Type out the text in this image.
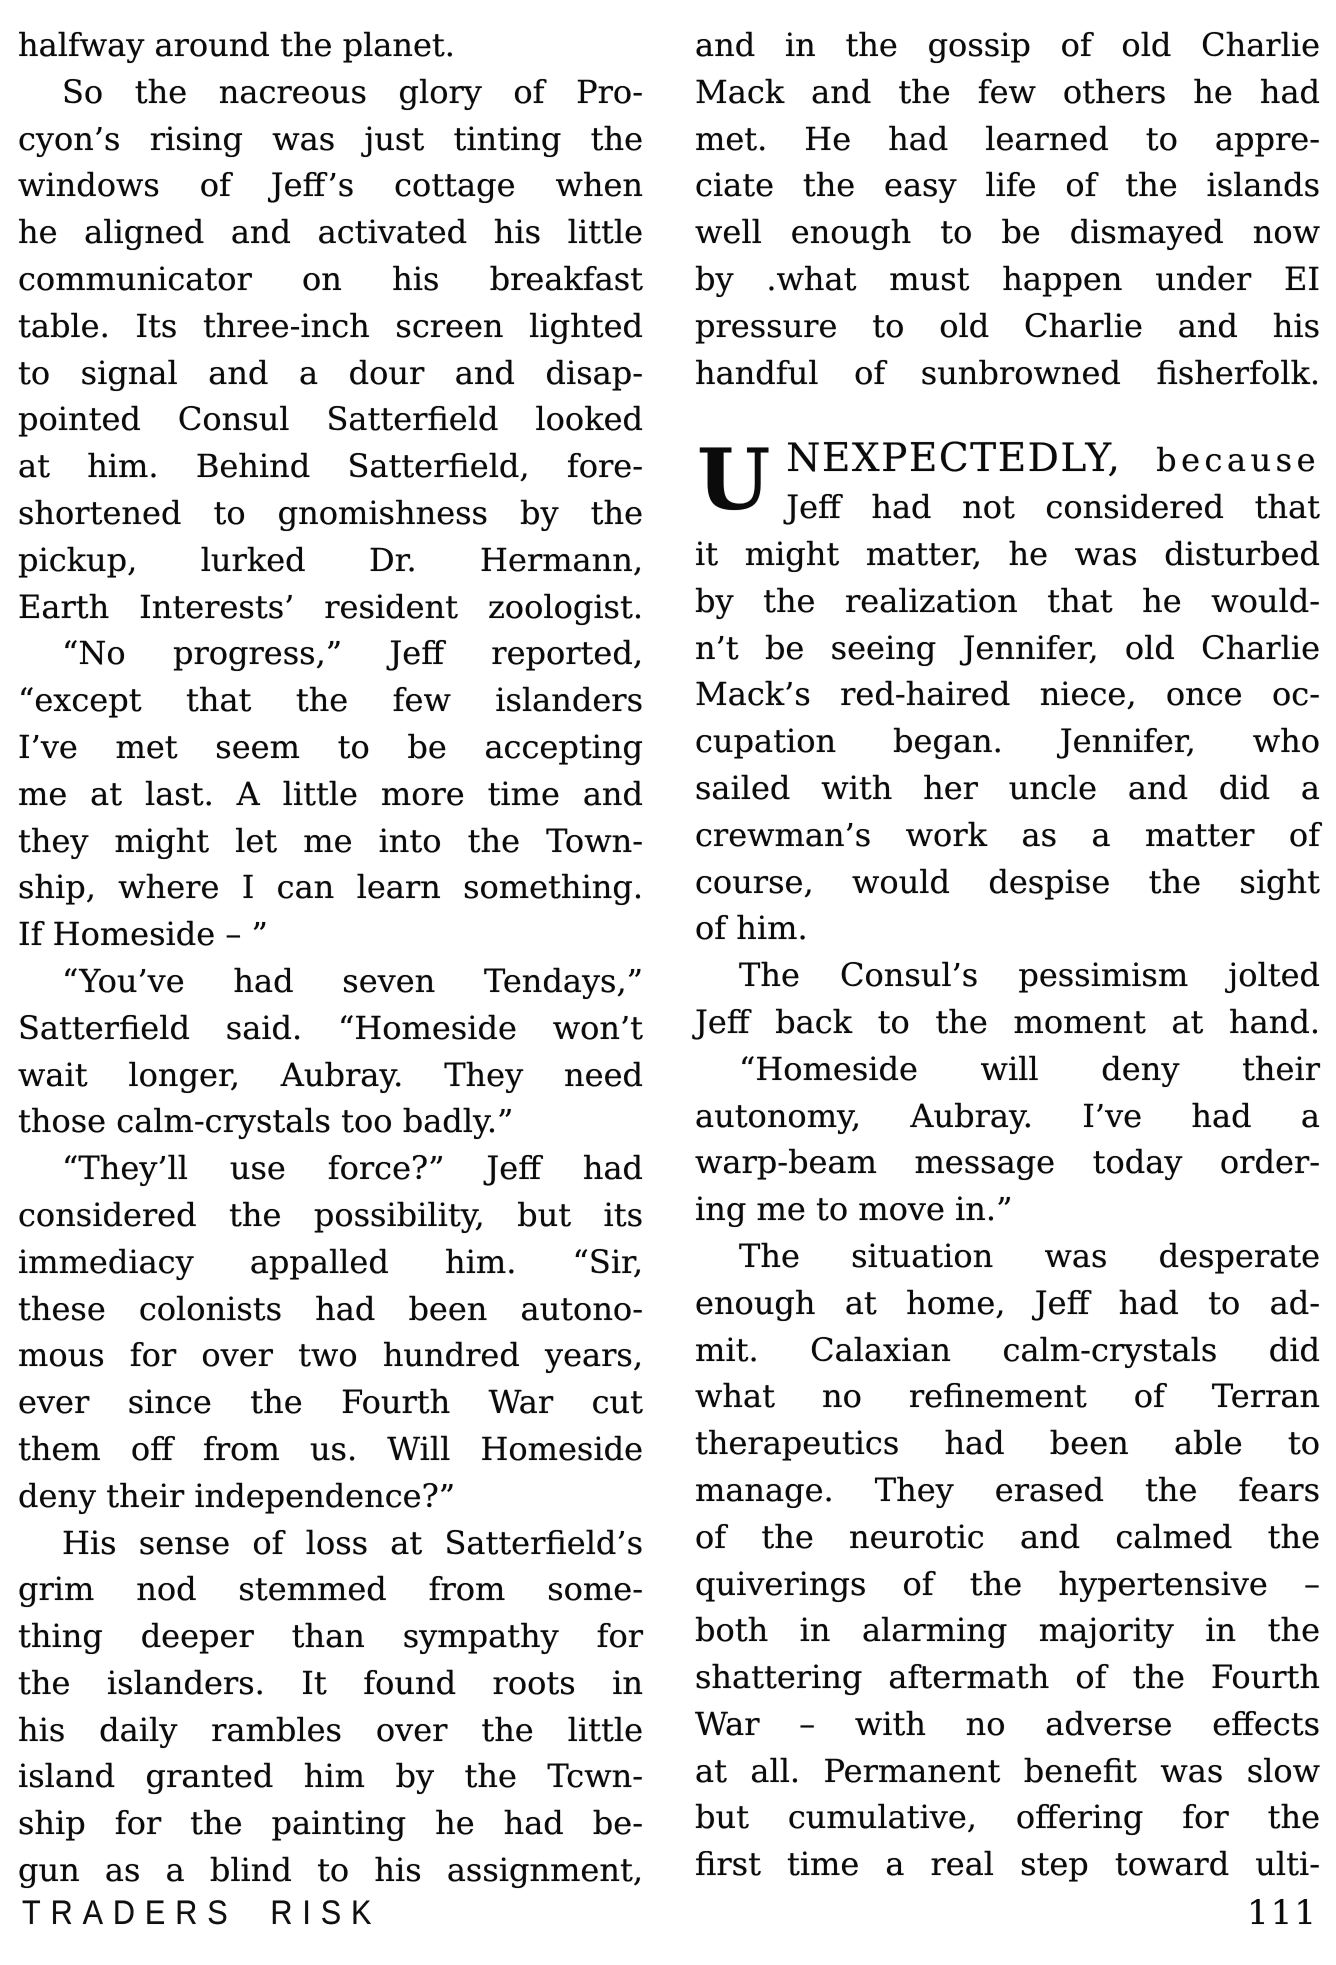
halfway around the planet.
So the nacreous glory of Pro-
cyon’s rising was just tinting the
windows of Jeff’s cottage when
he aligned and activated his little
communicator on his breakfast
table. Its three-inch screen lighted
to signal and a dour and disap-
pointed Consul Satterfield looked
at him. Behind Satterfield, fore-
shortened to gnomishness by the
pickup, lurked Dr. Hermann,
Earth Interests’ resident zoologist.
“No progress,” Jeff reported,
“except that the few islanders
I’ve met seem to be accepting
me at last. A little more time and
they might let me into the Town-
ship, where I can learn something.
If Homeside – ”
“You’ve had seven Tendays,”
Satterfield said. “Homeside won’t
wait longer, Aubray. They need
those calm-crystals too badly.”
“They’ll use force?” Jeff had
considered the possibility, but its
immediacy appalled him. “Sir,
these colonists had been autono-
mous for over two hundred years,
ever since the Fourth War cut
them off from us. Will Homeside
deny their independence?”
His sense of loss at Satterfield’s
grim nod stemmed from some-
thing deeper than sympathy for
the islanders. It found roots in
his daily rambles over the little
island granted him by the Tcwn-
ship for the painting he had be-
gun as a blind to his assignment,
and in the gossip of old Charlie
Mack and the few others he had
met. He had learned to appre-
ciate the easy life of the islands
well enough to be dismayed now
by .what must happen under EI
pressure to old Charlie and his
handful of sunbrowned fisherfolk.
U NEXPECTEDLY, because
Jeff had not considered that
it might matter, he was disturbed
by the realization that he would-
n’t be seeing Jennifer, old Charlie
Mack’s red-haired niece, once oc-
cupation began. Jennifer, who
sailed with her uncle and did a
crewman’s work as a matter of
course, would despise the sight
of him.
The Consul’s pessimism jolted
Jeff back to the moment at hand.
“Homeside will deny their
autonomy, Aubray. I’ve had a
warp-beam message today order-
ing me to move in.”
The situation was desperate
enough at home, Jeff had to ad-
mit. Calaxian calm-crystals did
what no refinement of Terran
therapeutics had been able to
manage. They erased the fears
of the neurotic and calmed the
quiverings of the hypertensive –
both in alarming majority in the
shattering aftermath of the Fourth
War – with no adverse effects
at all. Permanent benefit was slow
but cumulative, offering for the
first time a real step toward ulti-
TRADERS RISK	111
